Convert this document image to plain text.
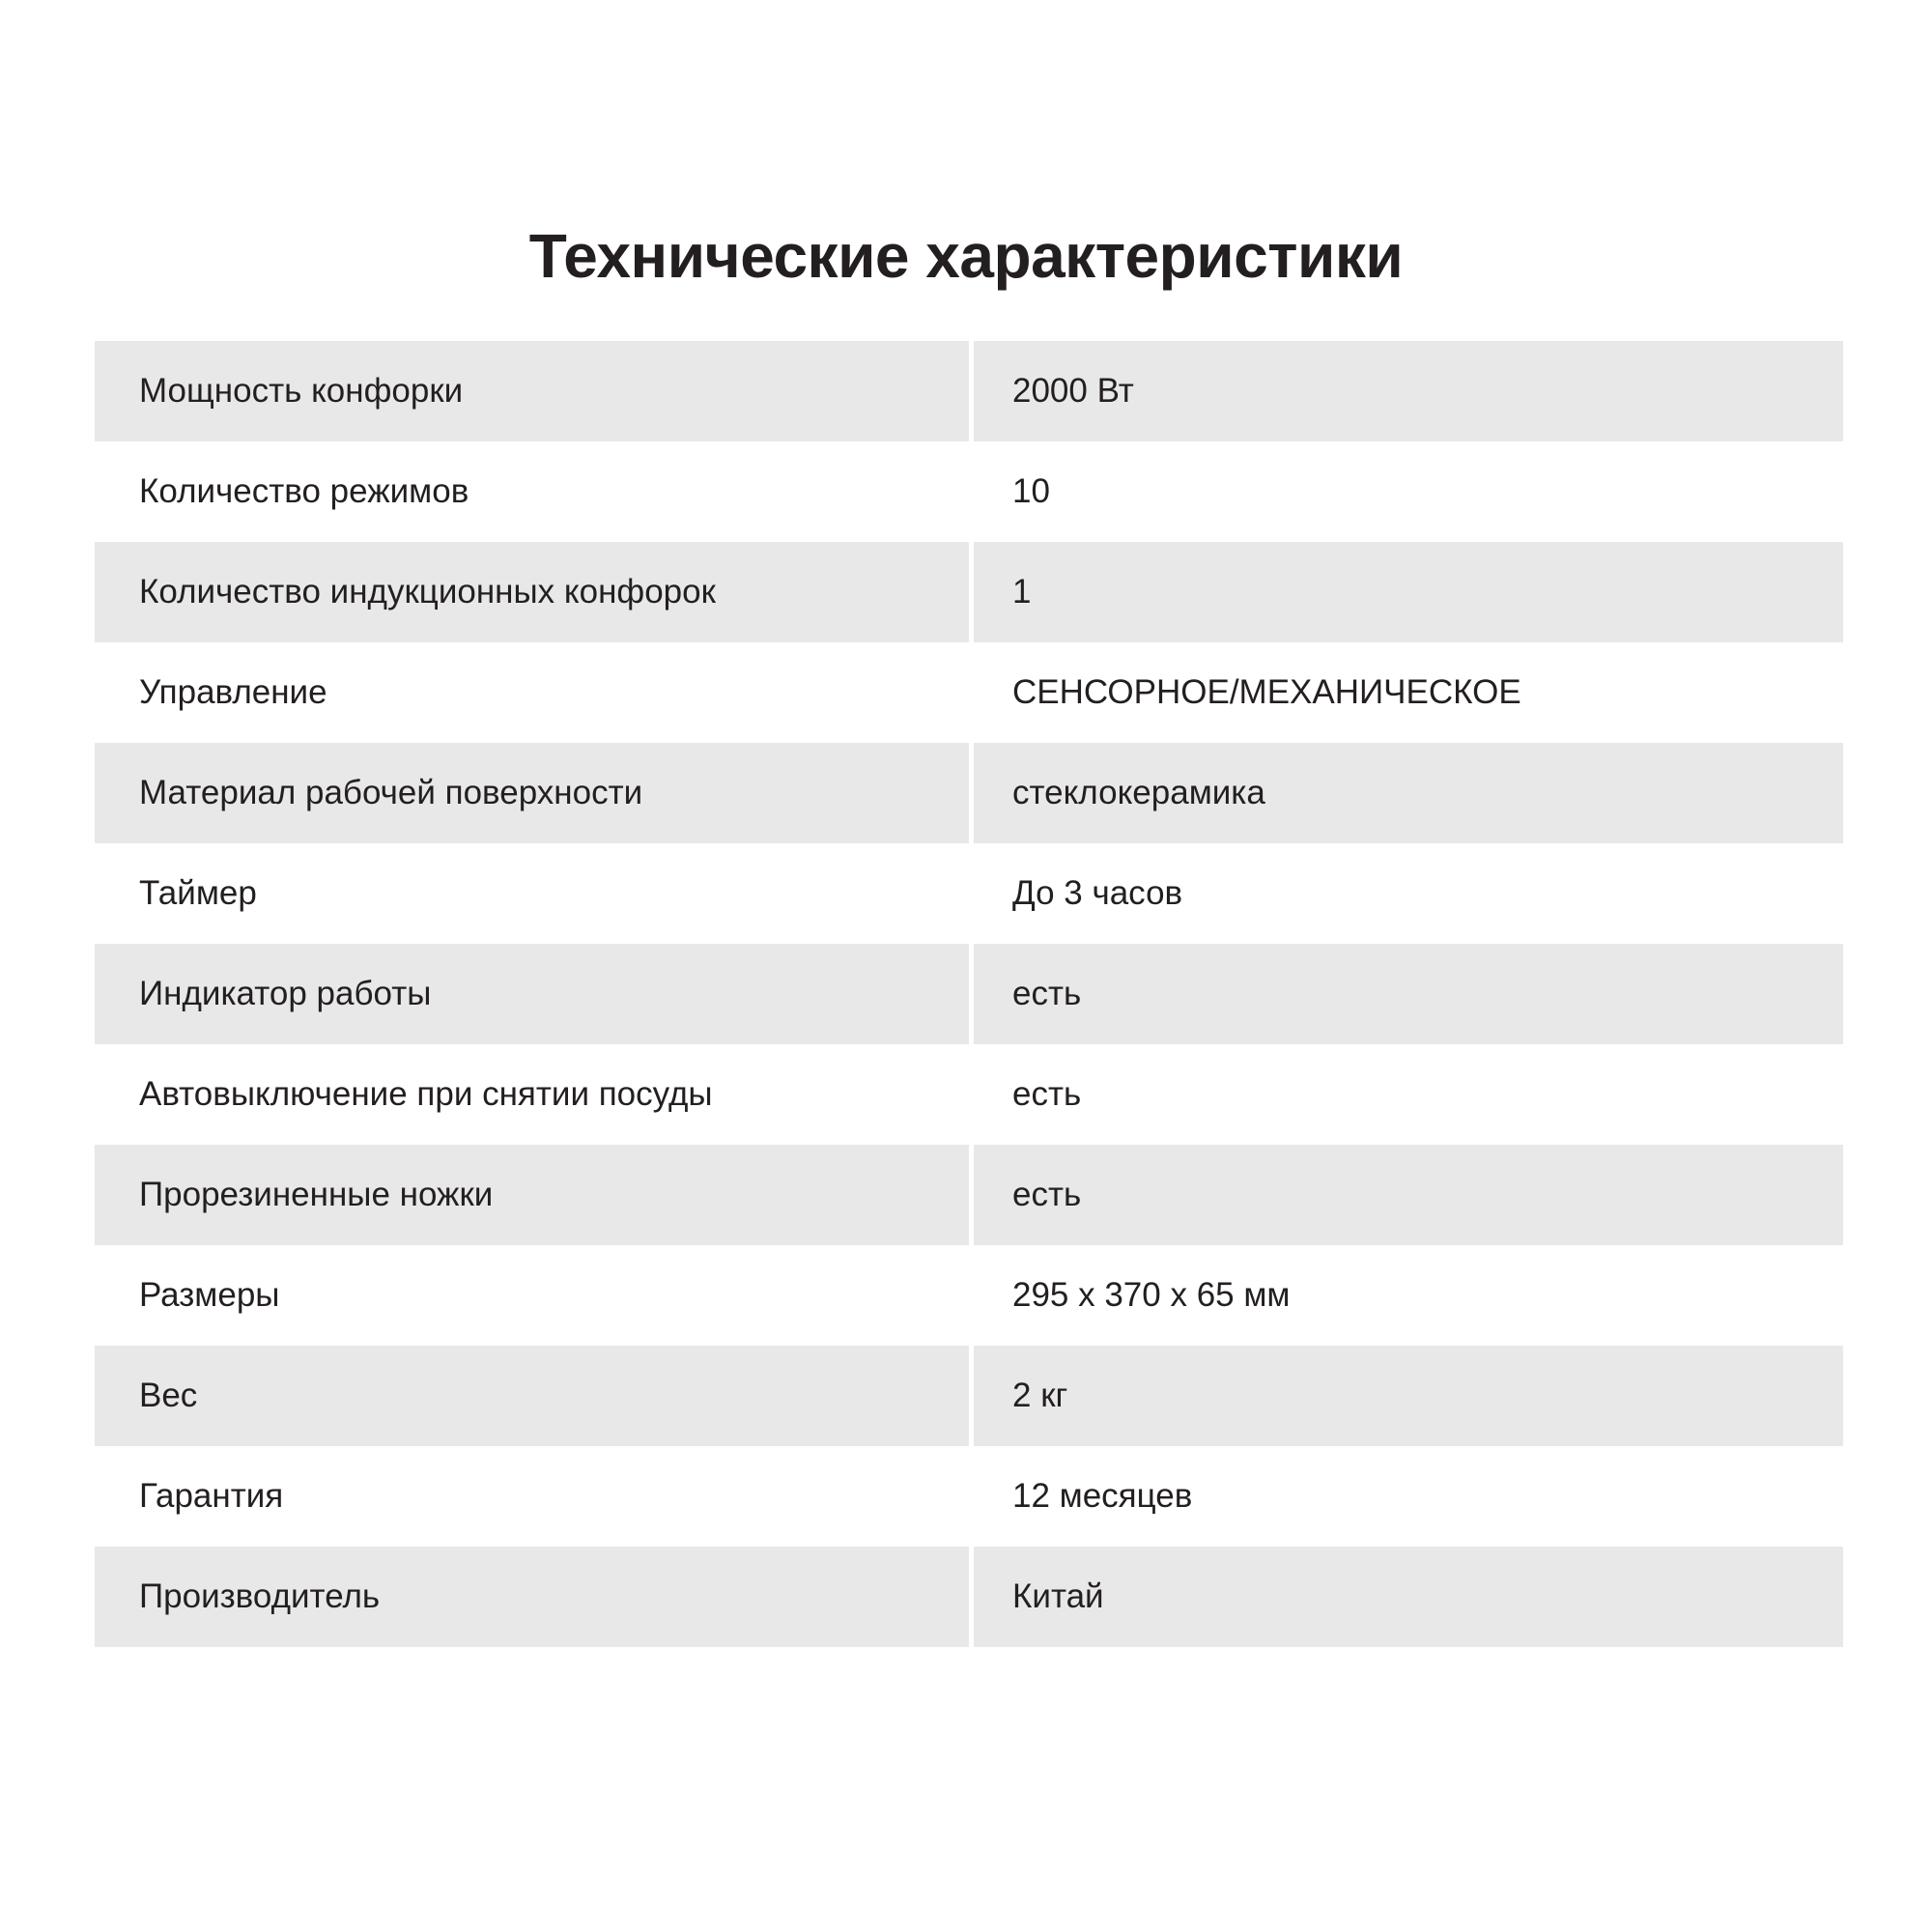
Технические характеристики
Мощность конфорки	2000 Вт
Количество режимов	10
Количество индукционных конфорок	1
Управление	СЕНСОРНОЕ/МЕХАНИЧЕСКОЕ
Материал рабочей поверхности	стеклокерамика
Таймер	До 3 часов
Индикатор работы	есть
Автовыключение при снятии посуды	есть
Прорезиненные ножки	есть
Размеры	295 x 370 x 65 мм
Вес	2 кг
Гарантия	12 месяцев
Производитель	Китай
